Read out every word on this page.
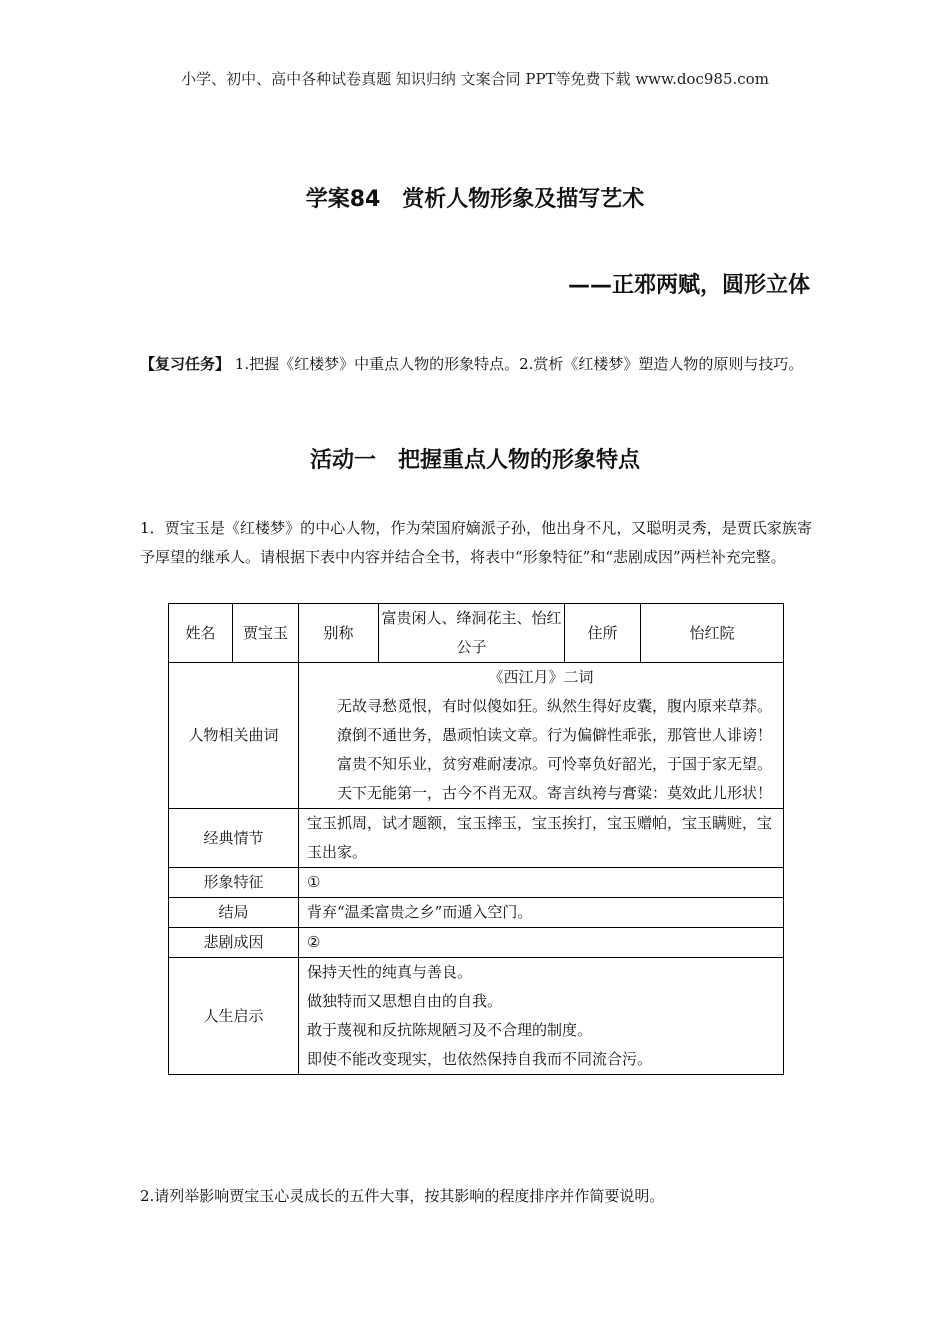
小学、初中、高中各种试卷真题 知识归纳 文案合同 PPT等免费下载 www.doc985.com
学案84　赏析人物形象及描写艺术
——正邪两赋，圆形立体
【复习任务】 1.把握《红楼梦》中重点人物的形象特点。2.赏析《红楼梦》塑造人物的原则与技巧。
活动一　把握重点人物的形象特点
1．贾宝玉是《红楼梦》的中心人物，作为荣国府嫡派子孙，他出身不凡，又聪明灵秀，是贾氏家族寄予厚望的继承人。请根据下表中内容并结合全书，将表中“形象特征”和“悲剧成因”两栏补充完整。
姓名	贾宝玉	别称	富贵闲人、绛洞花主、怡红公子	住所	怡红院
人物相关曲词		《西江月》二词
无故寻愁觅恨，有时似傻如狂。纵然生得好皮囊，腹内原来草莽。
潦倒不通世务，愚顽怕读文章。行为偏僻性乖张，那管世人诽谤！
富贵不知乐业，贫穷难耐凄凉。可怜辜负好韶光，于国于家无望。
天下无能第一，古今不肖无双。寄言纨袴与膏粱：莫效此儿形状！			

经典情节		宝玉抓周，试才题额，宝玉摔玉，宝玉挨打，宝玉赠帕，宝玉瞒赃，宝玉出家。			
形象特征		①			
结局		背弃“温柔富贵之乡”而遁入空门。			
悲剧成因		②			
人生启示		保持天性的纯真与善良。
做独特而又思想自由的自我。
敢于蔑视和反抗陈规陋习及不合理的制度。
即使不能改变现实，也依然保持自我而不同流合污。			
2.请列举影响贾宝玉心灵成长的五件大事，按其影响的程度排序并作简要说明。
